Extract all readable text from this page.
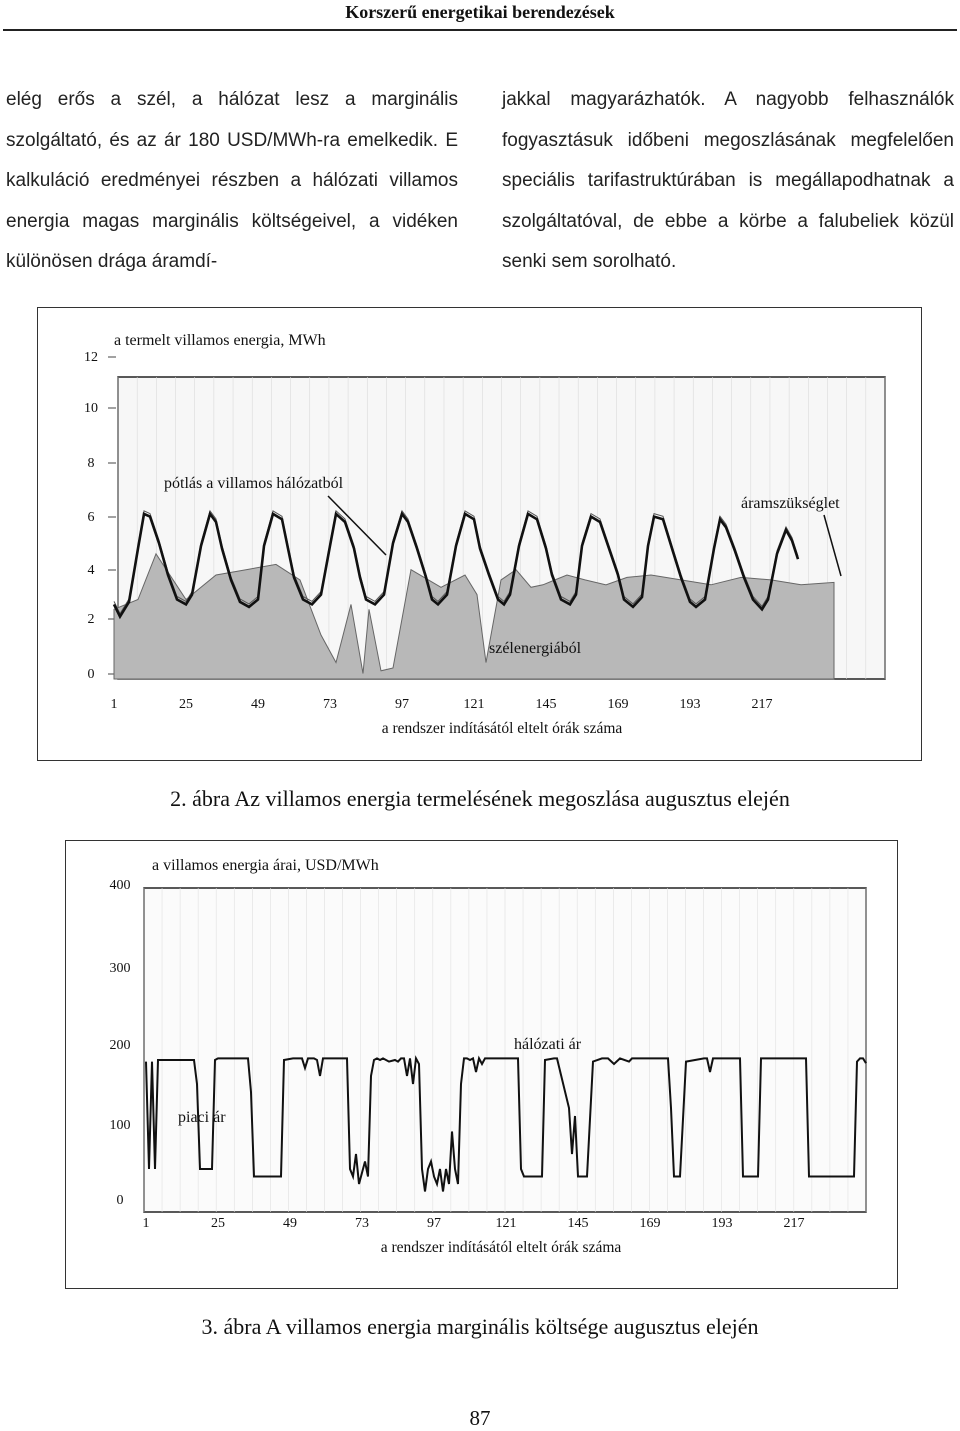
Korszerű energetikai berendezések

elég erős a szél, a hálózat lesz a marginális szolgáltató, és az ár 180 USD/MWh-ra emelkedik. E kalkuláció eredményei részben a hálózati villamos energia magas marginális költségeivel, a vidéken különösen drága áramdí-

jakkal magyarázhatók. A nagyobb felhasználók fogyasztásuk időbeni megoszlásának megfelelően speciális tarifastruktúrában is megállapodhatnak a szolgáltatóval, de ebbe a körbe a falubeliek közül senki sem sorolható.

0
2
4
6
8
10
12
1	25	49	73	97	121	145	169	193	217
a rendszer indításától eltelt órák száma
a termelt villamos energia, MWh
pótlás a villamos hálózatból
áramszükséglet
szélenergiából
2. ábra Az villamos energia termelésének megoszlása augusztus elején
0
100
200
300
400
1	25	49	73	97	121	145	169	193	217
a rendszer indításától eltelt órák száma
a villamos energia árai, USD/MWh
hálózati ár
piaci ár
3. ábra A villamos energia marginális költsége augusztus elején
87
